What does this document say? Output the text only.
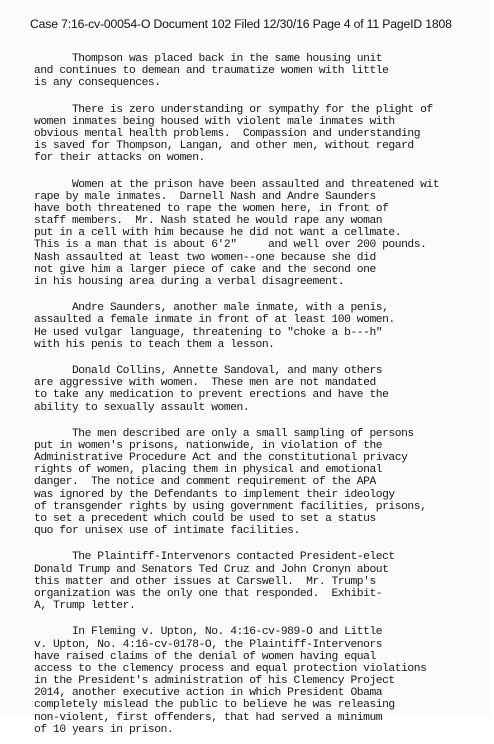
Case 7:16-cv-00054-O Document 102 Filed 12/30/16 Page 4 of 11 PageID 1808
Thompson was placed back in the same housing unit
and continues to demean and traumatize women with little
is any consequences.
There is zero understanding or sympathy for the plight of
women inmates being housed with violent male inmates with
obvious mental health problems.  Compassion and understanding
is saved for Thompson, Langan, and other men, without regard
for their attacks on women.
Women at the prison have been assaulted and threatened wit
rape by male inmates.  Darnell Nash and Andre Saunders
have both threatened to rape the women here, in front of
staff members.  Mr. Nash stated he would rape any woman
put in a cell with him because he did not want a cellmate.
This is a man that is about 6'2"     and well over 200 pounds.
Nash assaulted at least two women--one because she did
not give him a larger piece of cake and the second one
in his housing area during a verbal disagreement.
Andre Saunders, another male inmate, with a penis,
assaulted a female inmate in front of at least 100 women.
He used vulgar language, threatening to "choke a b---h"
with his penis to teach them a lesson.
Donald Collins, Annette Sandoval, and many others
are aggressive with women.  These men are not mandated
to take any medication to prevent erections and have the
ability to sexually assault women.
The men described are only a small sampling of persons
put in women's prisons, nationwide, in violation of the
Administrative Procedure Act and the constitutional privacy
rights of women, placing them in physical and emotional
danger.  The notice and comment requirement of the APA
was ignored by the Defendants to implement their ideology
of transgender rights by using government facilities, prisons,
to set a precedent which could be used to set a status
quo for unisex use of intimate facilities.
The Plaintiff-Intervenors contacted President-elect
Donald Trump and Senators Ted Cruz and John Cronyn about
this matter and other issues at Carswell.  Mr. Trump's
organization was the only one that responded.  Exhibit-
A, Trump letter.
In Fleming v. Upton, No. 4:16-cv-989-O and Little
v. Upton, No. 4:16-cv-0178-O, the Plaintiff-Intervenors
have raised claims of the denial of women having equal
access to the clemency process and equal protection violations
in the President's administration of his Clemency Project
2014, another executive action in which President Obama
completely mislead the public to believe he was releasing
non-violent, first offenders, that had served a minimum
of 10 years in prison.
